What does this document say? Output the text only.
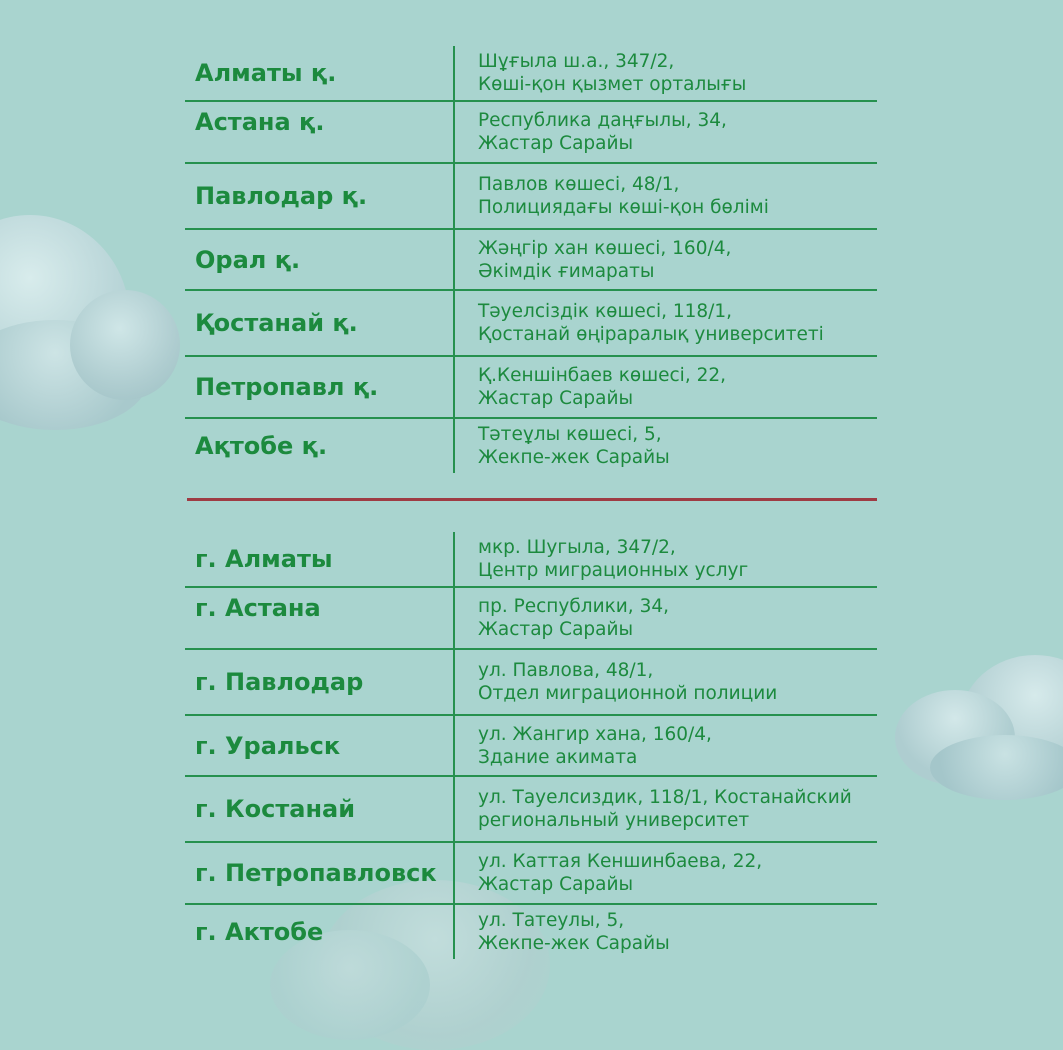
Алматы қ.	Шұғыла ш.а., 347/2,
Көші-қон қызмет орталығы
Астана қ.	Республика даңғылы, 34,
Жастар Сарайы
Павлодар қ.	Павлов көшесі, 48/1,
Полициядағы көші-қон бөлімі
Орал қ.	Жәңгір хан көшесі, 160/4,
Әкімдік ғимараты
Қостанай қ.	Тәуелсіздік көшесі, 118/1,
Қостанай өңіраралық университеті
Петропавл қ.	Қ.Кеншінбаев көшесі, 22,
Жастар Сарайы
Ақтобе қ.	Тәтеұлы көшесі, 5,
Жекпе-жек Сарайы
г. Алматы	мкр. Шугыла, 347/2,
Центр миграционных услуг
г. Астана	пр. Республики, 34,
Жастар Сарайы
г. Павлодар	ул. Павлова, 48/1,
Отдел миграционной полиции
г. Уральск	ул. Жангир хана, 160/4,
Здание акимата
г. Костанай	ул. Тауелсиздик, 118/1, Костанайский
региональный университет
г. Петропавловск	ул. Каттая Кеншинбаева, 22,
Жастар Сарайы
г. Актобе	ул. Татеулы, 5,
Жекпе-жек Сарайы
